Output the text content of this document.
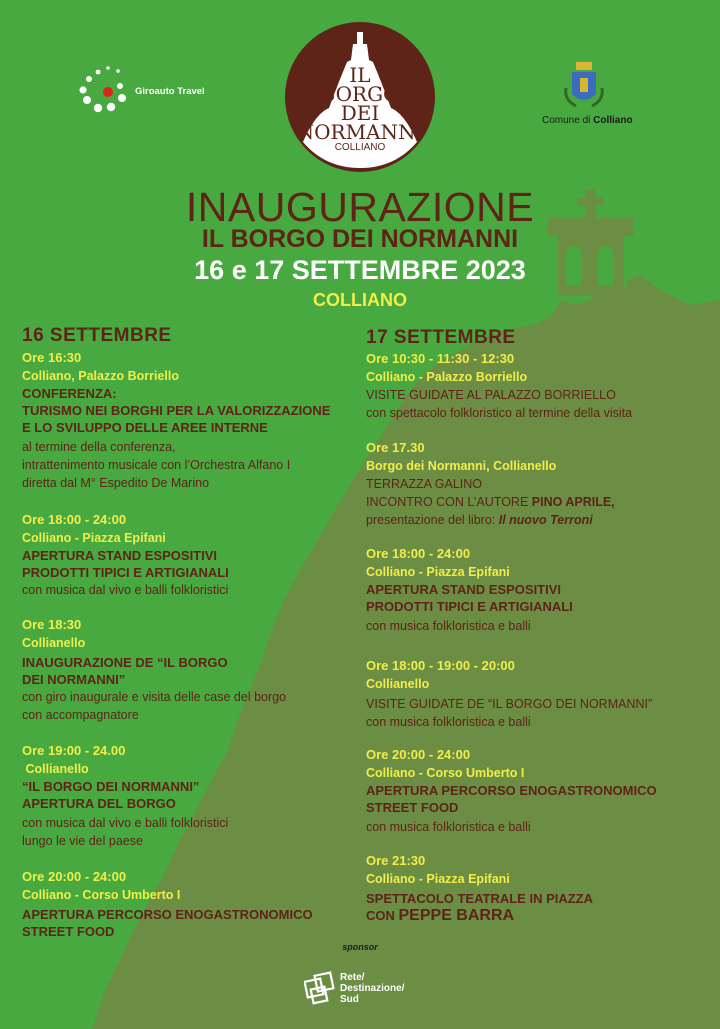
Giroauto Travel
IL
BORGO
DEI
NORMANNI
COLLIANO
Comune di Colliano
INAUGURAZIONE
IL BORGO DEI NORMANNI
16 e 17 SETTEMBRE 2023
COLLIANO
16 SETTEMBRE
Ore 16:30
Colliano, Palazzo Borriello
CONFERENZA:
TURISMO NEI BORGHI PER LA VALORIZZAZIONE
E LO SVILUPPO DELLE AREE INTERNE
al termine della conferenza,
intrattenimento musicale con l’Orchestra Alfano I
diretta dal M° Espedito De Marino
Ore 18:00 - 24:00
Colliano - Piazza Epifani
APERTURA STAND ESPOSITIVI
PRODOTTI TIPICI E ARTIGIANALI
con musica dal vivo e balli folkloristici
Ore 18:30
Collianello
INAUGURAZIONE DE “IL BORGO
DEI NORMANNI”
con giro inaugurale e visita delle case del borgo
con accompagnatore
Ore 19:00 - 24.00
Collianello
“IL BORGO DEI NORMANNI”
APERTURA DEL BORGO
con musica dal vivo e balli folkloristici
lungo le vie del paese
Ore 20:00 - 24:00
Colliano - Corso Umberto I
APERTURA PERCORSO ENOGASTRONOMICO
STREET FOOD
17 SETTEMBRE
Ore 10:30 - 11:30 - 12:30
Colliano - Palazzo Borriello
VISITE GUIDATE AL PALAZZO BORRIELLO
con spettacolo folkloristico al termine della visita
Ore 17.30
Borgo dei Normanni, Collianello
TERRAZZA GALINO
INCONTRO CON L’AUTORE PINO APRILE,
presentazione del libro: Il nuovo Terroni
Ore 18:00 - 24:00
Colliano - Piazza Epifani
APERTURA STAND ESPOSITIVI
PRODOTTI TIPICI E ARTIGIANALI
con musica folkloristica e balli
Ore 18:00 - 19:00 - 20:00
Collianello
VISITE GUIDATE DE “IL BORGO DEI NORMANNI”
con musica folkloristica e balli
Ore 20:00 - 24:00
Colliano - Corso Umberto I
APERTURA PERCORSO ENOGASTRONOMICO
STREET FOOD
con musica folkloristica e balli
Ore 21:30
Colliano - Piazza Epifani
SPETTACOLO TEATRALE IN PIAZZA
CON PEPPE BARRA
sponsor
Rete/
Destinazione/
Sud
